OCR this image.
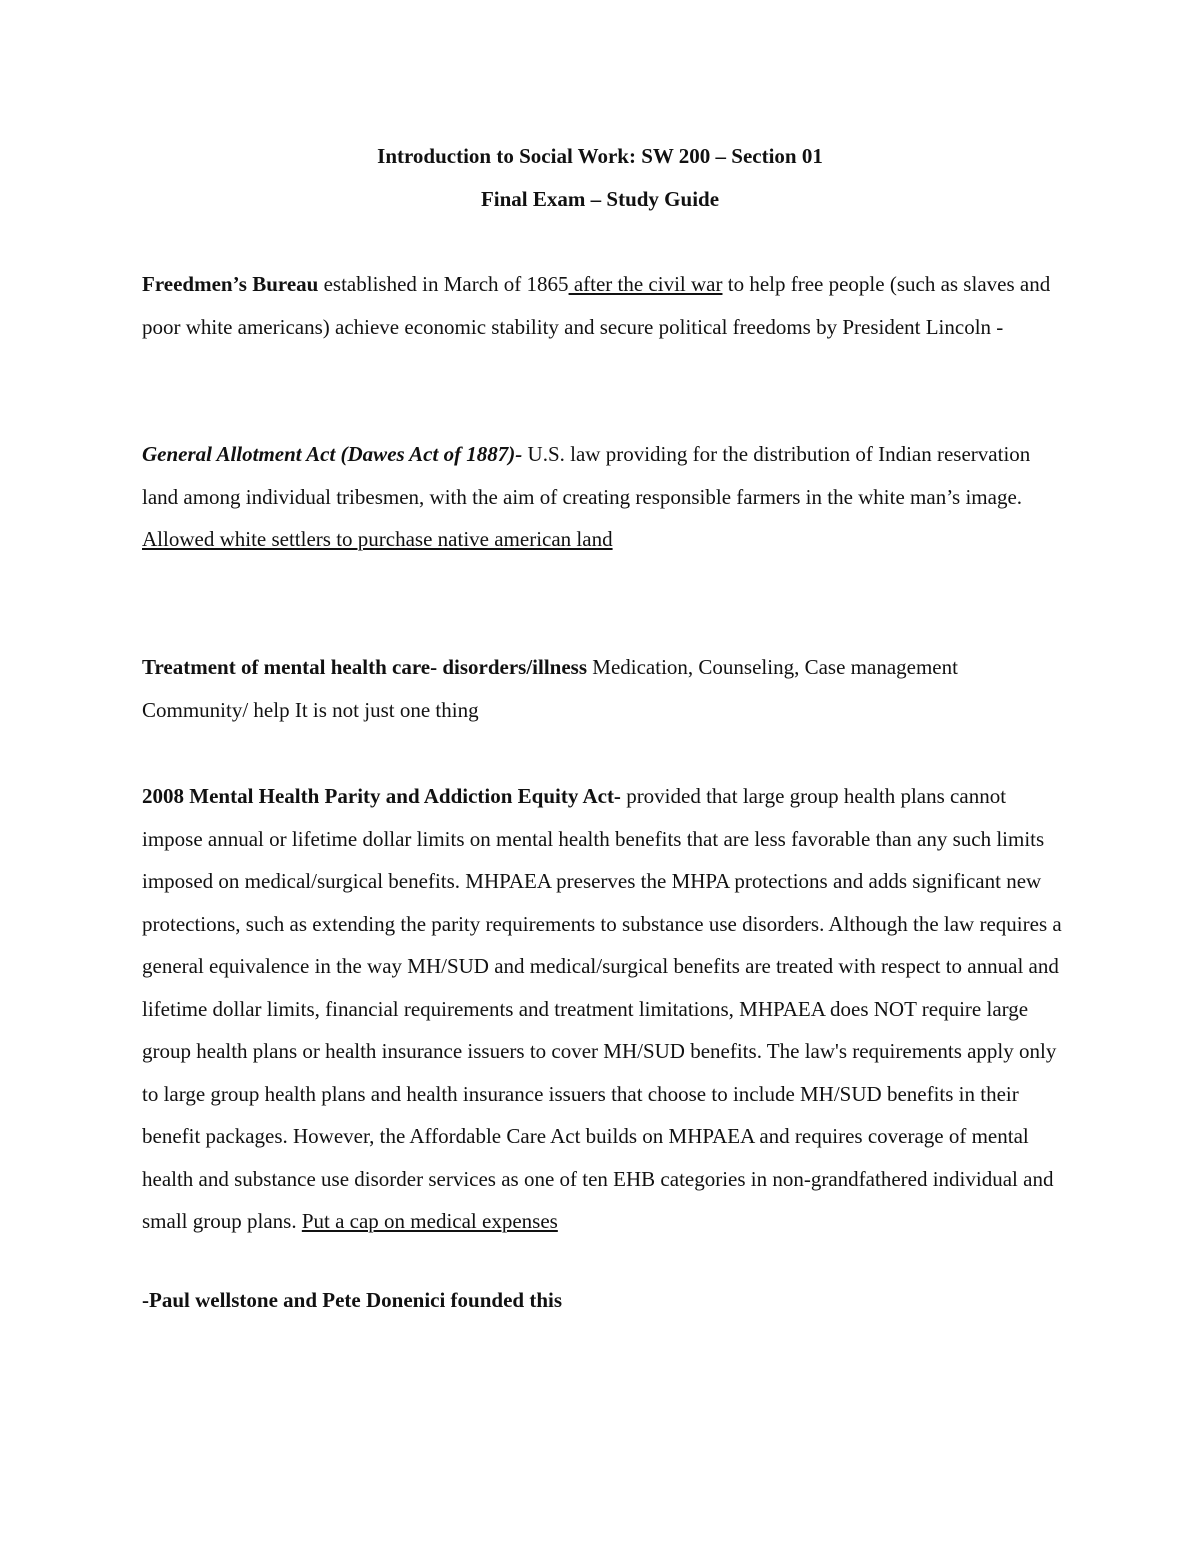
Introduction to Social Work: SW 200 – Section 01

Final Exam – Study Guide

Freedmen’s Bureau established in March of 1865 after the civil war to help free people (such as slaves and poor white americans) achieve economic stability and secure political freedoms by President Lincoln -

General Allotment Act (Dawes Act of 1887)- U.S. law providing for the distribution of Indian reservation land among individual tribesmen, with the aim of creating responsible farmers in the white man’s image. Allowed white settlers to purchase native american land

Treatment of mental health care- disorders/illness Medication, Counseling, Case management Community/ help It is not just one thing

2008 Mental Health Parity and Addiction Equity Act- provided that large group health plans cannot impose annual or lifetime dollar limits on mental health benefits that are less favorable than any such limits imposed on medical/surgical benefits. MHPAEA preserves the MHPA protections and adds significant new protections, such as extending the parity requirements to substance use disorders. Although the law requires a general equivalence in the way MH/SUD and medical/surgical benefits are treated with respect to annual and lifetime dollar limits, financial requirements and treatment limitations, MHPAEA does NOT require large group health plans or health insurance issuers to cover MH/SUD benefits. The law's requirements apply only to large group health plans and health insurance issuers that choose to include MH/SUD benefits in their benefit packages. However, the Affordable Care Act builds on MHPAEA and requires coverage of mental health and substance use disorder services as one of ten EHB categories in non-grandfathered individual and small group plans. Put a cap on medical expenses

-Paul wellstone and Pete Donenici founded this
